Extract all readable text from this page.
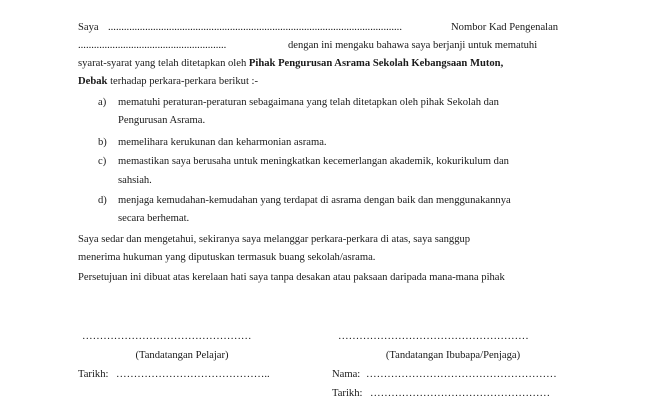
Saya ...............................................................................................................	Nombor Kad Pengenalan
........................................................	dengan ini mengaku bahawa saya berjanji untuk mematuhi
syarat-syarat yang telah ditetapkan oleh Pihak Pengurusan Asrama Sekolah Kebangsaan Muton,
Debak terhadap perkara-perkara berikut :-
a) mematuhi peraturan-peraturan sebagaimana yang telah ditetapkan oleh pihak Sekolah dan
Pengurusan Asrama.
b) memelihara kerukunan dan keharmonian asrama.
c) memastikan saya berusaha untuk meningkatkan kecemerlangan akademik, kokurikulum dan
sahsiah.
d) menjaga kemudahan-kemudahan yang terdapat di asrama dengan baik dan menggunakannya
secara berhemat.
Saya sedar dan mengetahui, sekiranya saya melanggar perkara-perkara di atas, saya sanggup
menerima hukuman yang diputuskan termasuk buang sekolah/asrama.
Persetujuan ini dibuat atas kerelaan hati saya tanpa desakan atau paksaan daripada mana-mana pihak
…………………………………………	………………………………………………
(Tandatangan Pelajar)	(Tandatangan Ibubapa/Penjaga)
Tarikh: ……………………………………..	Nama: ………………………………………………
Tarikh: ……………………………………………
